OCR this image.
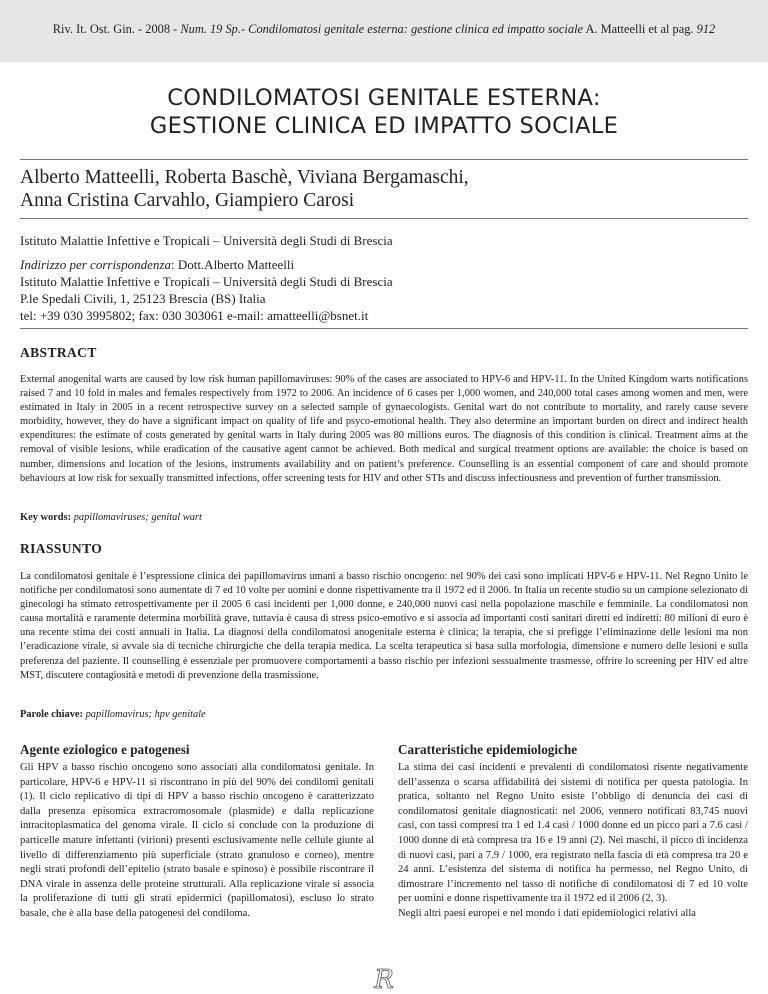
Riv. It. Ost. Gin. - 2008 - Num. 19 Sp.- Condilomatosi genitale esterna: gestione clinica ed impatto sociale A. Matteelli et al pag. 912
CONDILOMATOSI GENITALE ESTERNA:
GESTIONE CLINICA ED IMPATTO SOCIALE
Alberto Matteelli, Roberta Baschè, Viviana Bergamaschi,
Anna Cristina Carvahlo, Giampiero Carosi
Istituto Malattie Infettive e Tropicali – Università degli Studi di Brescia
Indirizzo per corrispondenza: Dott.Alberto Matteelli
Istituto Malattie Infettive e Tropicali – Università degli Studi di Brescia
P.le Spedali Civili, 1, 25123 Brescia (BS) Italia
tel: +39 030 3995802; fax: 030 303061 e-mail: amatteelli@bsnet.it
ABSTRACT
External anogenital warts are caused by low risk human papillomaviruses: 90% of the cases are associated to HPV-6 and HPV-11. In the United Kingdom warts notifications raised 7 and 10 fold in males and females respectively from 1972 to 2006. An incidence of 6 cases per 1,000 women, and 240,000 total cases among women and men, were estimated in Italy in 2005 in a recent retrospective survey on a selected sample of gynaecologists. Genital wart do not contribute to mortality, and rarely cause severe morbidity, however, they do have a significant impact on quality of life and psyco-emotional health. They also determine an important burden on direct and indirect health expenditures: the estimate of costs generated by genital warts in Italy during 2005 was 80 millions euros. The diagnosis of this condition is clinical. Treatment aims at the removal of visible lesions, while eradication of the causative agent cannot be achieved. Both medical and surgical treatment options are available: the choice is based on number, dimensions and location of the lesions, instruments availability and on patient’s preference. Counselling is an essential component of care and should promote behaviours at low risk for sexually transmitted infections, offer screening tests for HIV and other STIs and discuss infectiousness and prevention of further transmission.
Key words: papillomaviruses; genital wart
RIASSUNTO
La condilomatosi genitale è l’espressione clinica dei papillomavirus umani a basso rischio oncogeno: nel 90% dei casi sono implicati HPV-6 e HPV-11. Nel Regno Unito le notifiche per condilomatosi sono aumentate di 7 ed 10 volte per uomini e donne rispettivamente tra il 1972 ed il 2006. In Italia un recente studio su un campione selezionato di ginecologi ha stimato retrospettivamente per il 2005 6 casi incidenti per 1,000 donne, e 240,000 nuovi casi nella popolazione maschile e femminile. La condilomatosi non causa mortalità e raramente determina morbilità grave, tuttavia è causa di stress psico-emotivo e si associa ad importanti costi sanitari diretti ed indiretti: 80 milioni di euro è una recente stima dei costi annuali in Italia. La diagnosi della condilomatosi anogenitale esterna è clinica; la terapia, che si prefigge l’eliminazione delle lesioni ma non l’eradicazione virale, si avvale sia di tecniche chirurgiche che della terapia medica. La scelta terapeutica si basa sulla morfologia, dimensione e numero delle lesioni e sulla preferenza del paziente. Il counselling è essenziale per promuovere comportamenti a basso rischio per infezioni sessualmente trasmesse, offrire lo screening per HIV ed altre MST, discutere contagiosità e metodi di prevenzione della trasmissione.
Parole chiave: papillomavirus; hpv genitale
Agente eziologico e patogenesi
Gli HPV a basso rischio oncogeno sono associati alla condilomatosi genitale. In particolare, HPV-6 e HPV-11 si riscontrano in più del 90% dei condilomi genitali (1). Il ciclo replicativo di tipi di HPV a basso rischio oncogeno è caratterizzato dalla presenza episomica extracromosomale (plasmide) e dalla replicazione intracitoplasmatica del genoma virale. Il ciclo si conclude con la produzione di particelle mature infettanti (virioni) presenti esclusivamente nelle cellule giunte al livello di differenziamento più superficiale (strato granuloso e corneo), mentre negli strati profondi dell’epitelio (strato basale e spinoso) è possibile riscontrare il DNA virale in assenza delle proteine strutturali. Alla replicazione virale si associa la proliferazione di tutti gli strati epidermici (papillomatosi), escluso lo strato basale, che è alla base della patogenesi del condiloma.
Caratteristiche epidemiologiche
La stima dei casi incidenti e prevalenti di condilomatosi risente negativamente dell’assenza o scarsa affidabilità dei sistemi di notifica per questa patologia. In pratica, soltanto nel Regno Unito esiste l’obbligo di denuncia dei casi di condilomatosi genitale diagnosticati: nel 2006, vennero notificati 83,745 nuovi casi, con tassi compresi tra 1 ed 1.4 casi / 1000 donne ed un picco pari a 7.6 casi / 1000 donne di età compresa tra 16 e 19 anni (2). Nei maschi, il picco di incidenza di nuovi casi, pari a 7.9 / 1000, era registrato nella fascia di età compresa tra 20 e 24 anni. L’esistenza del sistema di notifica ha permesso, nel Regno Unito, di dimostrare l’incremento nel tasso di notifiche di condilomatosi di 7 ed 10 volte per uomini e donne rispettivamente tra il 1972 ed il 2006 (2, 3).
Negli altri paesi europei e nel mondo i dati epidemiologici relativi alla
R
